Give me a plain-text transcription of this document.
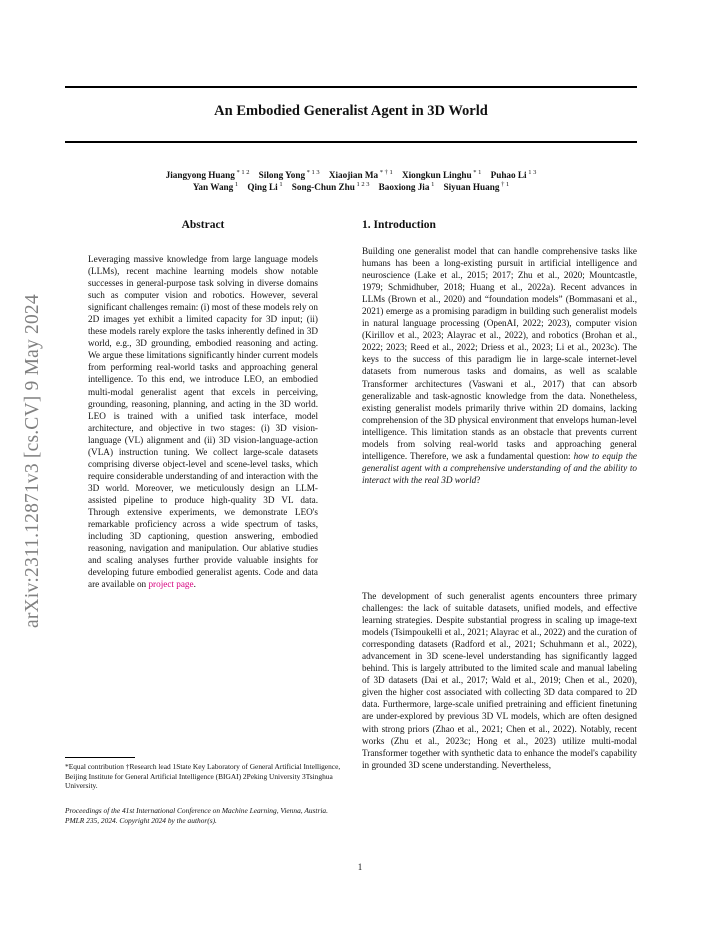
An Embodied Generalist Agent in 3D World
Jiangyong Huang $^{* 1 2}$  Silong Yong $^{* 1 3}$  Xiaojian Ma $^{* \dagger 1}$  Xiongkun Linghu $^{* 1}$  Puhao Li $^{1 3}$
Yan Wang $^1$  Qing Li $^1$  Song-Chun Zhu $^{1 2 3}$  Baoxiong Jia $^1$  Siyuan Huang $^{\dagger 1}$
arXiv:2311.12871v3 [cs.CV] 9 May 2024
Abstract
Leveraging massive knowledge from large language models (LLMs), recent machine learning models show notable successes in general-purpose task solving in diverse domains such as computer vision and robotics. However, several significant challenges remain: (i) most of these models rely on 2D images yet exhibit a limited capacity for 3D input; (ii) these models rarely explore the tasks inherently defined in 3D world, e.g., 3D grounding, embodied reasoning and acting. We argue these limitations significantly hinder current models from performing real-world tasks and approaching general intelligence. To this end, we introduce LEO, an embodied multi-modal generalist agent that excels in perceiving, grounding, reasoning, planning, and acting in the 3D world. LEO is trained with a unified task interface, model architecture, and objective in two stages: (i) 3D vision-language (VL) alignment and (ii) 3D vision-language-action (VLA) instruction tuning. We collect large-scale datasets comprising diverse object-level and scene-level tasks, which require considerable understanding of and interaction with the 3D world. Moreover, we meticulously design an LLM-assisted pipeline to produce high-quality 3D VL data. Through extensive experiments, we demonstrate LEO's remarkable proficiency across a wide spectrum of tasks, including 3D captioning, question answering, embodied reasoning, navigation and manipulation. Our ablative studies and scaling analyses further provide valuable insights for developing future embodied generalist agents. Code and data are available on project page.
1. Introduction
Building one generalist model that can handle comprehensive tasks like humans has been a long-existing pursuit in artificial intelligence and neuroscience (Lake et al., 2015; 2017; Zhu et al., 2020; Mountcastle, 1979; Schmidhuber, 2018; Huang et al., 2022a). Recent advances in LLMs (Brown et al., 2020) and “foundation models” (Bommasani et al., 2021) emerge as a promising paradigm in building such generalist models in natural language processing (OpenAI, 2022; 2023), computer vision (Kirillov et al., 2023; Alayrac et al., 2022), and robotics (Brohan et al., 2022; 2023; Reed et al., 2022; Driess et al., 2023; Li et al., 2023c). The keys to the success of this paradigm lie in large-scale internet-level datasets from numerous tasks and domains, as well as scalable Transformer architectures (Vaswani et al., 2017) that can absorb generalizable and task-agnostic knowledge from the data. Nonetheless, existing generalist models primarily thrive within 2D domains, lacking comprehension of the 3D physical environment that envelops human-level intelligence. This limitation stands as an obstacle that prevents current models from solving real-world tasks and approaching general intelligence. Therefore, we ask a fundamental question: how to equip the generalist agent with a comprehensive understanding of and the ability to interact with the real 3D world?
The development of such generalist agents encounters three primary challenges: the lack of suitable datasets, unified models, and effective learning strategies. Despite substantial progress in scaling up image-text models (Tsimpoukelli et al., 2021; Alayrac et al., 2022) and the curation of corresponding datasets (Radford et al., 2021; Schuhmann et al., 2022), advancement in 3D scene-level understanding has significantly lagged behind. This is largely attributed to the limited scale and manual labeling of 3D datasets (Dai et al., 2017; Wald et al., 2019; Chen et al., 2020), given the higher cost associated with collecting 3D data compared to 2D data. Furthermore, large-scale unified pretraining and efficient finetuning are under-explored by previous 3D VL models, which are often designed with strong priors (Zhao et al., 2021; Chen et al., 2022). Notably, recent works (Zhu et al., 2023c; Hong et al., 2023) utilize multi-modal Transformer together with synthetic data to enhance the model's capability in grounded 3D scene understanding. Nevertheless,
*Equal contribution †Research lead 1State Key Laboratory of General Artificial Intelligence, Beijing Institute for General Artificial Intelligence (BIGAI) 2Peking University 3Tsinghua University.
Proceedings of the 41st International Conference on Machine Learning, Vienna, Austria. PMLR 235, 2024. Copyright 2024 by the author(s).
1
